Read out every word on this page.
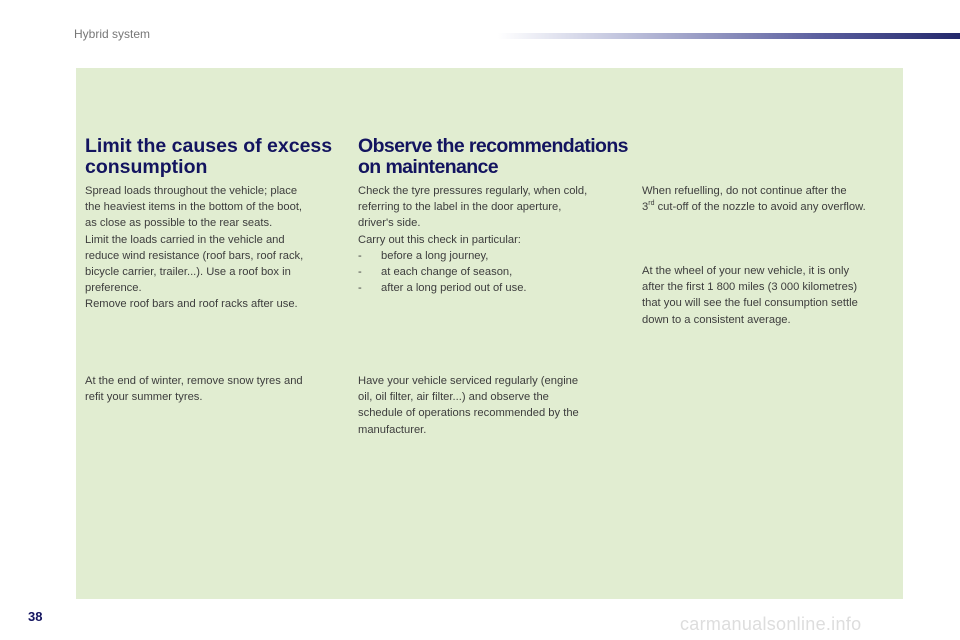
Hybrid system
Limit the causes of excess
consumption
Spread loads throughout the vehicle; place
the heaviest items in the bottom of the boot,
as close as possible to the rear seats.
Limit the loads carried in the vehicle and
reduce wind resistance (roof bars, roof rack,
bicycle carrier, trailer...). Use a roof box in
preference.
Remove roof bars and roof racks after use.
At the end of winter, remove snow tyres and
refit your summer tyres.
Observe the recommendations
on maintenance
Check the tyre pressures regularly, when cold,
referring to the label in the door aperture,
driver's side.
Carry out this check in particular:
-	before a long journey,
-	at each change of season,
-	after a long period out of use.
Have your vehicle serviced regularly (engine
oil, oil filter, air filter...) and observe the
schedule of operations recommended by the
manufacturer.
When refuelling, do not continue after the
3rd cut-off of the nozzle to avoid any overflow.
At the wheel of your new vehicle, it is only
after the first 1 800 miles (3 000 kilometres)
that you will see the fuel consumption settle
down to a consistent average.
38	carmanualsonline.info
